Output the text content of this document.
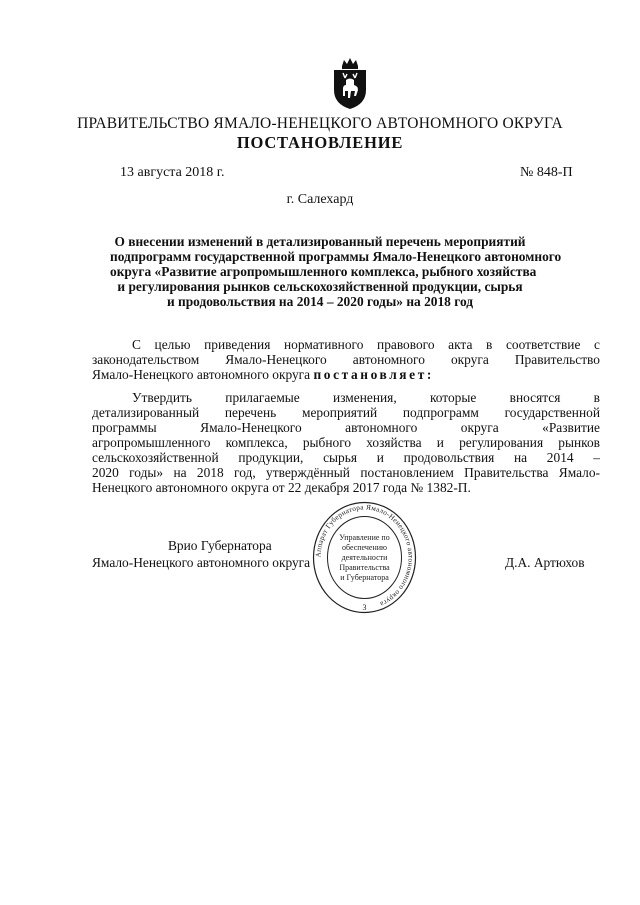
ПРАВИТЕЛЬСТВО ЯМАЛО-НЕНЕЦКОГО АВТОНОМНОГО ОКРУГА
ПОСТАНОВЛЕНИЕ
13 августа 2018 г.	№ 848-П
г. Салехард
О внесении изменений в детализированный перечень мероприятий
подпрограмм государственной программы Ямало-Ненецкого автономного
округа «Развитие агропромышленного комплекса, рыбного хозяйства
и регулирования рынков сельскохозяйственной продукции, сырья
и продовольствия на 2014 – 2020 годы» на 2018 год
С целью приведения нормативного правового акта в соответствие с
законодательством Ямало-Ненецкого автономного округа Правительство
Ямало-Ненецкого автономного округа постановляет:
Утвердить прилагаемые изменения, которые вносятся в
детализированный перечень мероприятий подпрограмм государственной
программы Ямало-Ненецкого автономного округа «Развитие
агропромышленного комплекса, рыбного хозяйства и регулирования рынков
сельскохозяйственной продукции, сырья и продовольствия на 2014 –
2020 годы» на 2018 год, утверждённый постановлением Правительства Ямало-
Ненецкого автономного округа от 22 декабря 2017 года № 1382-П.
Врио Губернатора
Ямало-Ненецкого автономного округа	Д.А. Артюхов
Аппарат Губернатора Ямало-Ненецкого автономного округа
Управление по
обеспечению
деятельности
Правительства
и Губернатора
3
